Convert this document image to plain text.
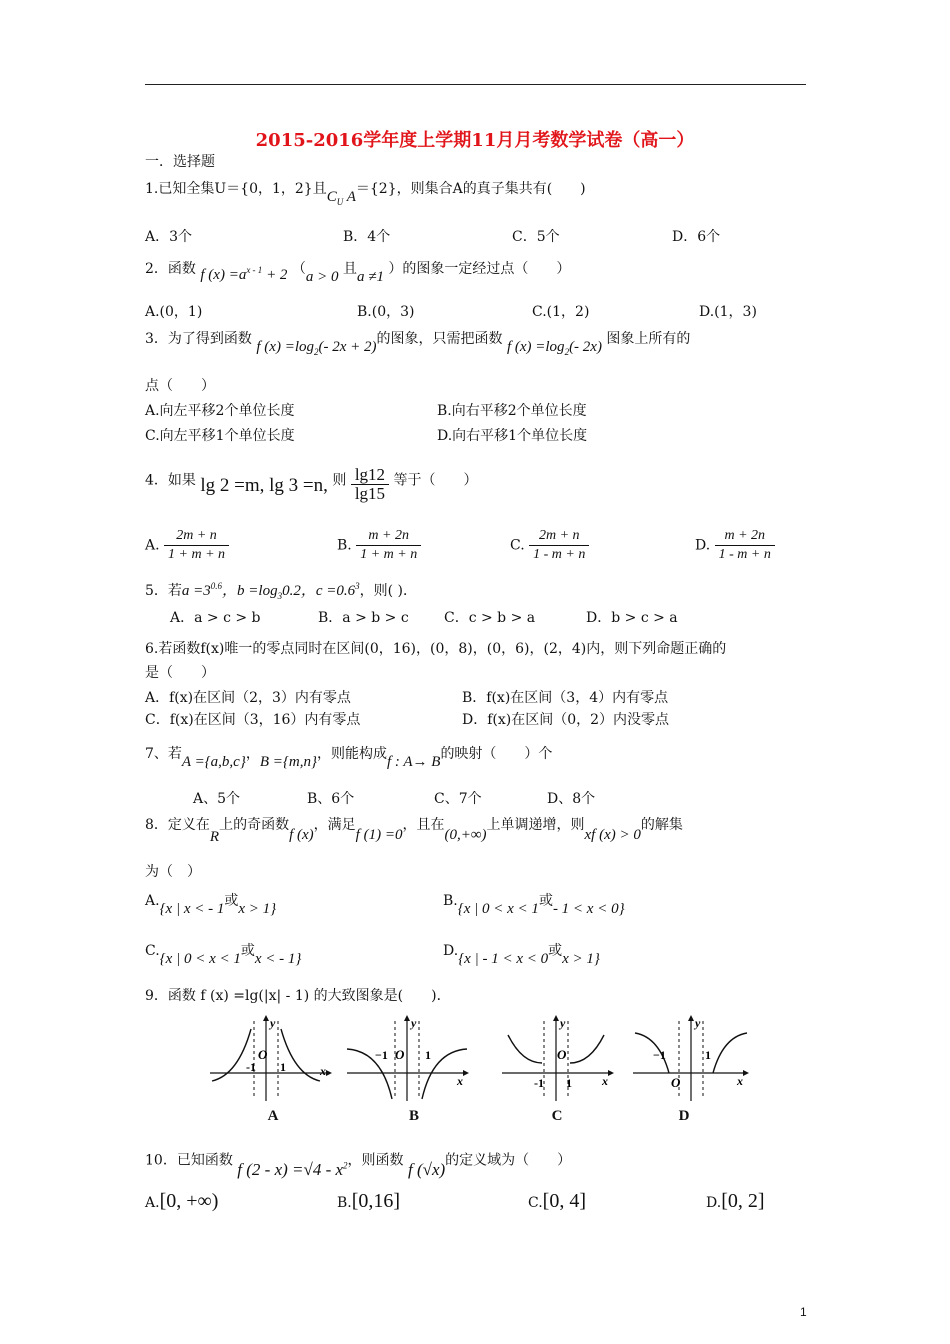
2015-2016学年度上学期11月月考数学试卷（高一）
一．选择题
1.已知全集U＝{0，1，2}且$C_U$ A＝{2}，则集合A的真子集共有(　　)
A．3个	B．4个	C．5个	D．6个
2．函数 f $(x) =a^{x - 1} + 2$ （a > 0 且a ≠1 ）的图象一定经过点（　　）
A.(0，1)	B.(0，3)	C.(1，2)	D.(1，3)
3．为了得到函数 f $(x) =\log_2(-$ 2x + 2)的图象，只需把函数 f $(x) =\log_2(-$ 2x) 图象上所有的
点（　　）
A.向左平移2个单位长度	B.向右平移2个单位长度
C.向左平移1个单位长度	D.向右平移1个单位长度
4．如果 lg 2 =m, lg 3 =n, 则 $\frac{\lg 12}{\lg 15}$ 等于（　　）
A. $\frac{2m + n}{1 + m + n}$	B. $\frac{m + 2n}{1 + m + n}$	C. $\frac{2m + n}{1 - m + n}$	D. $\frac{m + 2n}{1 - m + n}$
5．若$a =3^{0.6}$，$b =\log_30.2$，$c =0.6^3$，则( )．
A．a > c > b	B．a > b > c	C．c > b > a	D．b > c > a
6.若函数f(x)唯一的零点同时在区间(0，16)，(0，8)，(0，6)，(2，4)内，则下列命题正确的
是（　　）
A．f(x)在区间（2，3）内有零点	B．f(x)在区间（3，4）内有零点
C．f(x)在区间（3，16）内有零点	D．f(x)在区间（0，2）内没零点
7、若A ={a,b,c}，B ={m,n}，则能构成f : A→ B的映射（　　）个
A、5个	B、6个	C、7个	D、8个
8．定义在R上的奇函数f (x)，满足f (1) =0，且在(0,+∞)上单调递增，则xf (x) > 0的解集
为（　）
A.{x | x < - 1或x > 1}	B.{x | 0 < x < 1或- 1 < x < 0}
C.{x | 0 < x < 1或x < - 1}	D.{x | - 1 < x < 0或x > 1}
9．函数 f (x) =lg(|x| - 1) 的大致图象是(　　)．
y
O
-1 1	x
A
y
O
−1	1
x
B
y
O
-1 1	x
C
y
O
−1	1
x
D
10．已知函数 f $(2 - x) =√4 - x^2$，则函数 f (√x)的定义域为（　　）
A.[0, +∞)	B.[0,16]	C.[0, 4]	D.[0, 2]
1
